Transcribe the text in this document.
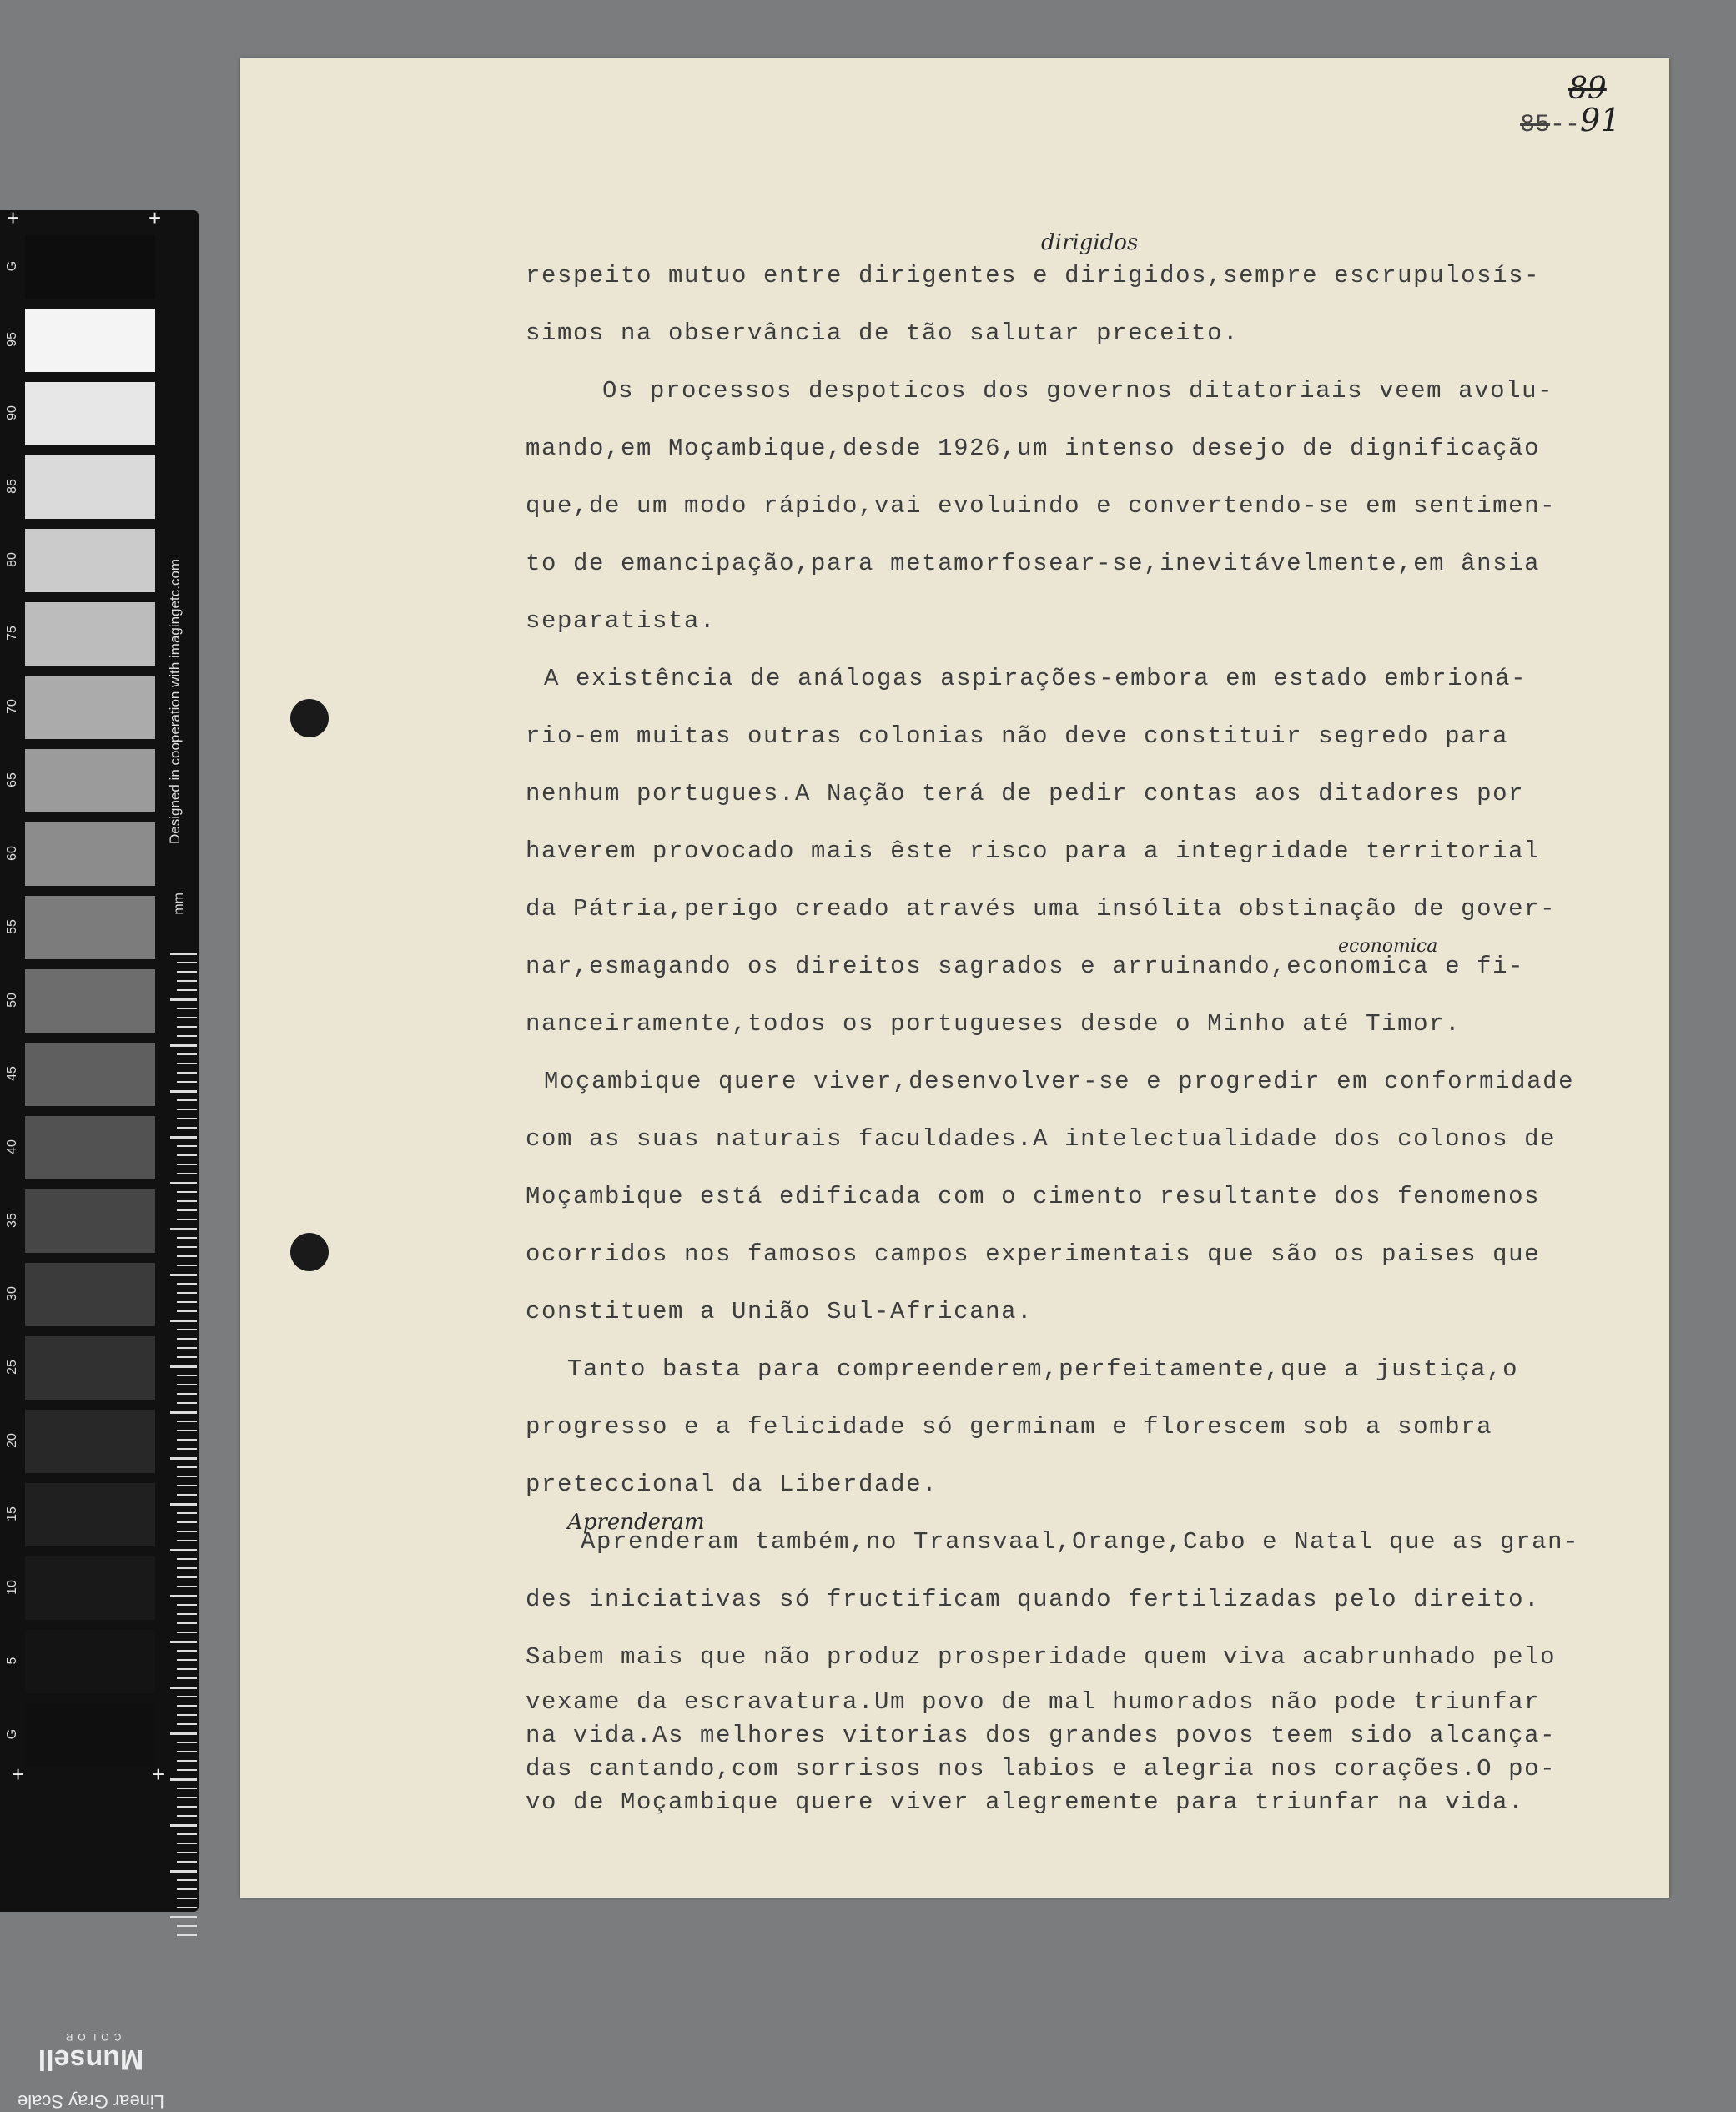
G
95
90
85
80
75
70
65
60
55
50
45
40
35
30
25
20
15
10
5
G
Designed in cooperation with imagingetc.com
mm
+	+
+	+
Linear Gray Scale
Munsell
COLOR
89
85--91
respeito mutuo entre dirigentes e dirigidos,sempre escrupulosís-
simos na observância de tão salutar preceito.
Os processos despoticos dos governos ditatoriais veem avolu-
mando,em Moçambique,desde 1926,um intenso desejo de dignificação
que,de um modo rápido,vai evoluindo e convertendo-se em sentimen-
to de emancipação,para metamorfosear-se,inevitávelmente,em ânsia
separatista.
A existência de análogas aspirações-embora em estado embrioná-
rio-em muitas outras colonias não deve constituir segredo para
nenhum portugues.A Nação terá de pedir contas aos ditadores por
haverem provocado mais êste risco para a integridade territorial
da Pátria,perigo creado através uma insólita obstinação de gover-
nar,esmagando os direitos sagrados e arruinando,economica e fi-
nanceiramente,todos os portugueses desde o Minho até Timor.
Moçambique quere viver,desenvolver-se e progredir em conformidade
com as suas naturais faculdades.A intelectualidade dos colonos de
Moçambique está edificada com o cimento resultante dos fenomenos
ocorridos nos famosos campos experimentais que são os paises que
constituem a União Sul-Africana.
Tanto basta para compreenderem,perfeitamente,que a justiça,o
progresso e a felicidade só germinam e florescem sob a sombra
preteccional da Liberdade.
Aprenderam também,no Transvaal,Orange,Cabo e Natal que as gran-
des iniciativas só fructificam quando fertilizadas pelo direito.
Sabem mais que não produz prosperidade quem viva acabrunhado pelo
vexame da escravatura.Um povo de mal humorados não pode triunfar
na vida.As melhores vitorias dos grandes povos teem sido alcança-
das cantando,com sorrisos nos labios e alegria nos corações.O po-
vo de Moçambique quere viver alegremente para triunfar na vida.
dirigidos
economica
Aprenderam
